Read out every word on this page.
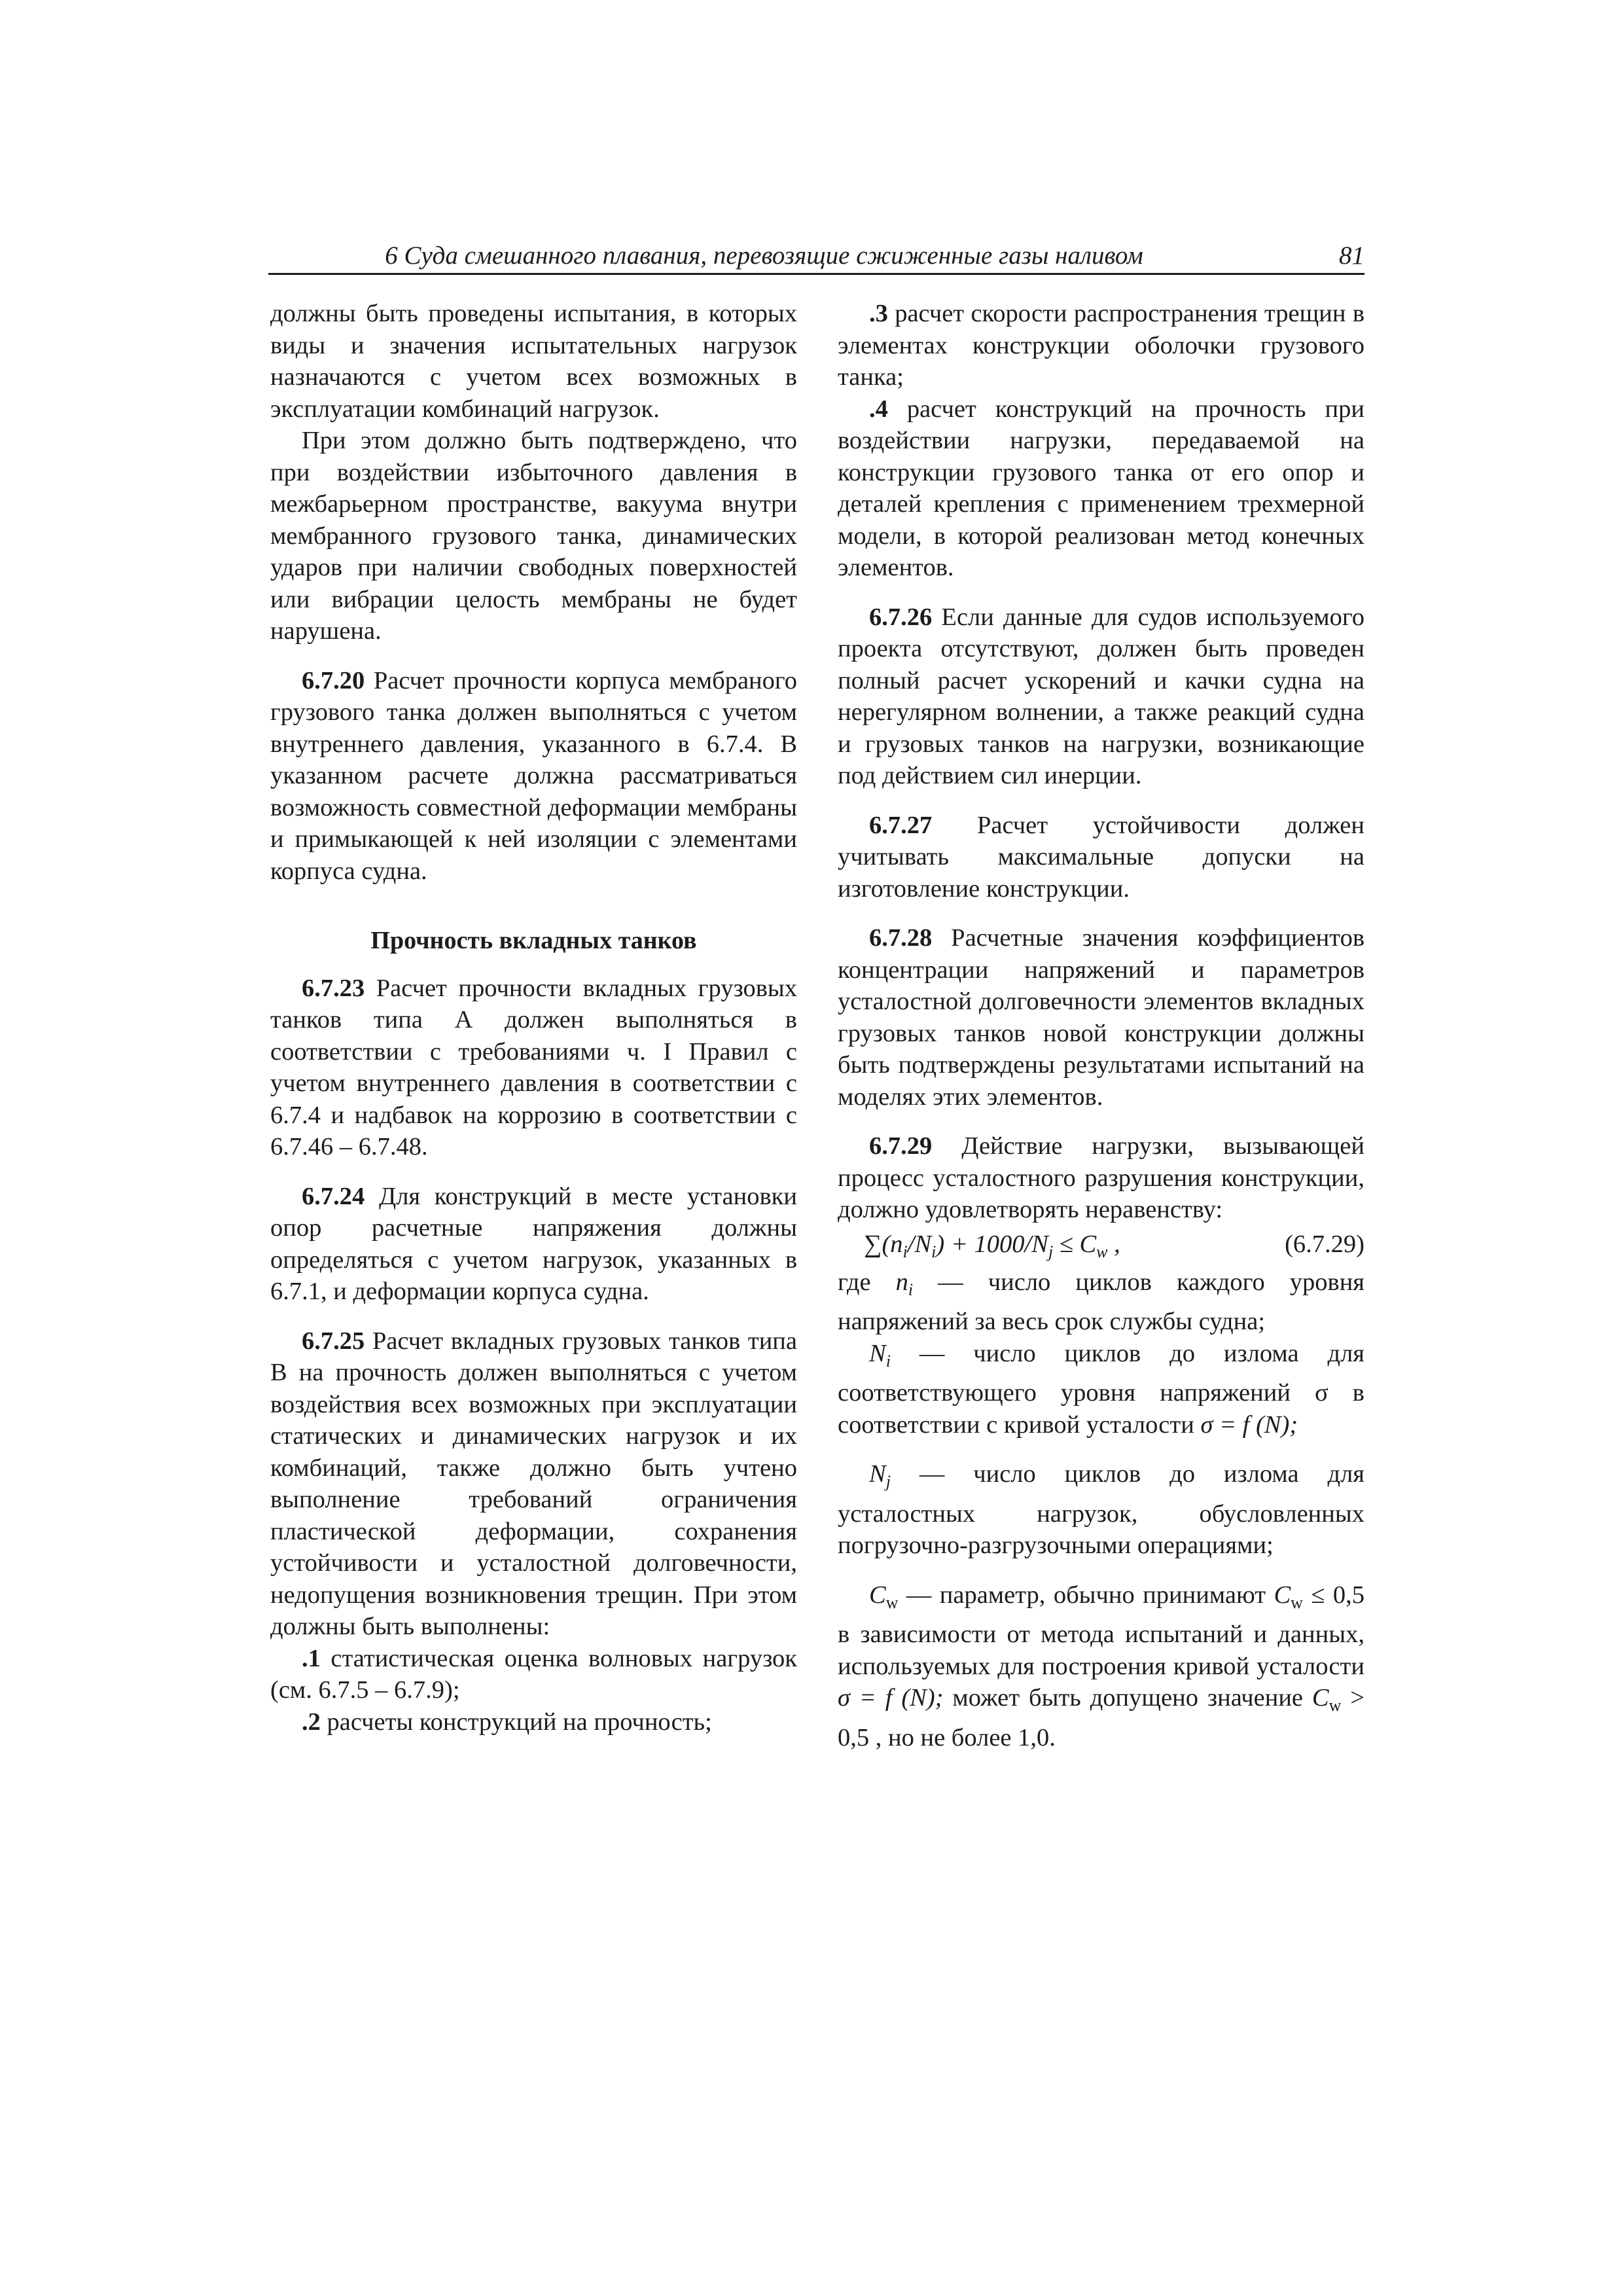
6 Суда смешанного плавания, перевозящие сжиженные газы наливом	81

должны быть проведены испытания, в которых виды и значения испытательных нагрузок назначаются с учетом всех возможных в эксплуатации комбинаций нагрузок.

При этом должно быть подтверждено, что при воздействии избыточного давления в межбарьерном пространстве, вакуума внутри мембранного грузового танка, динамических ударов при наличии свободных поверхностей или вибрации целость мембраны не будет нарушена.

6.7.20 Расчет прочности корпуса мембраного грузового танка должен выполняться с учетом внутреннего давления, указанного в 6.7.4. В указанном расчете должна рассматриваться возможность совместной деформации мембраны и примыкающей к ней изоляции с элементами корпуса судна.

Прочность вкладных танков

6.7.23 Расчет прочности вкладных грузовых танков типа А должен выполняться в соответствии с требованиями ч. I Правил с учетом внутреннего давления в соответствии с 6.7.4 и надбавок на коррозию в соответствии с 6.7.46 – 6.7.48.

6.7.24 Для конструкций в месте установки опор расчетные напряжения должны определяться с учетом нагрузок, указанных в 6.7.1, и деформации корпуса судна.

6.7.25 Расчет вкладных грузовых танков типа В на прочность должен выполняться с учетом воздействия всех возможных при эксплуатации статических и динамических нагрузок и их комбинаций, также должно быть учтено выполнение требований ограничения пластической деформации, сохранения устойчивости и усталостной долговечности, недопущения возникновения трещин. При этом должны быть выполнены:

.1 статистическая оценка волновых нагрузок (см. 6.7.5 – 6.7.9);

.2 расчеты конструкций на прочность;

.3 расчет скорости распространения трещин в элементах конструкции оболочки грузового танка;

.4 расчет конструкций на прочность при воздействии нагрузки, передаваемой на конструкции грузового танка от его опор и деталей крепления с применением трехмерной модели, в которой реализован метод конечных элементов.

6.7.26 Если данные для судов используемого проекта отсутствуют, должен быть проведен полный расчет ускорений и качки судна на нерегулярном волнении, а также реакций судна и грузовых танков на нагрузки, возникающие под действием сил инерции.

6.7.27 Расчет устойчивости должен учитывать максимальные допуски на изготовление конструкции.

6.7.28 Расчетные значения коэффициентов концентрации напряжений и параметров усталостной долговечности элементов вкладных грузовых танков новой конструкции должны быть подтверждены результатами испытаний на моделях этих элементов.

6.7.29 Действие нагрузки, вызывающей процесс усталостного разрушения конструкции, должно удовлетворять неравенству:

$\sum(n_i/N_i) + 1000/N_j \le C_w$ ,	(6.7.29)

где $n_i$ — число циклов каждого уровня напряжений за весь срок службы судна;

$N_i$ — число циклов до излома для соответствующего уровня напряжений σ в соответствии с кривой усталости σ = f (N);

$N_j$ — число циклов до излома для усталостных нагрузок, обусловленных погрузочно-разгрузочными операциями;

$C_w$ — параметр, обычно принимают $C_w \le 0,5$ в зависимости от метода испытаний и данных, используемых для построения кривой усталости σ = f (N); может быть допущено значение $C_w > 0,5$ , но не более 1,0.
